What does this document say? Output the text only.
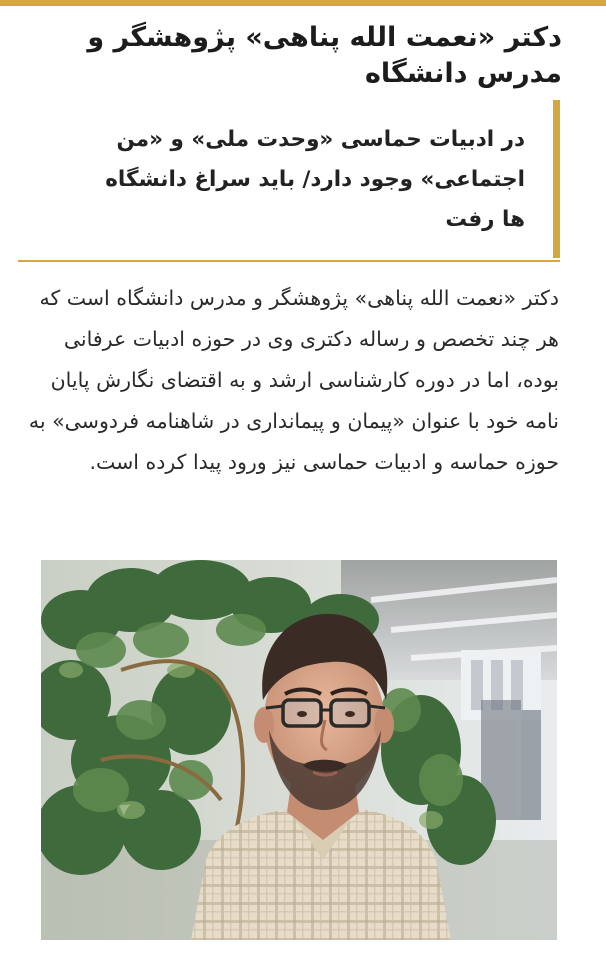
دکتر «نعمت الله پناهی» پژوهشگر و مدرس دانشگاه

در ادبیات حماسی «وحدت ملی» و «من اجتماعی» وجود دارد/ باید سراغ دانشگاه ها رفت

دکتر «نعمت الله پناهی» پژوهشگر و مدرس دانشگاه است که هر چند تخصص و رساله دکتری وی در حوزه ادبیات عرفانی بوده، اما در دوره کارشناسی ارشد و به اقتضای نگارش پایان نامه خود با عنوان «پیمان و پیمانداری در شاهنامه فردوسی» به حوزه حماسه و ادبیات حماسی نیز ورود پیدا کرده است.
